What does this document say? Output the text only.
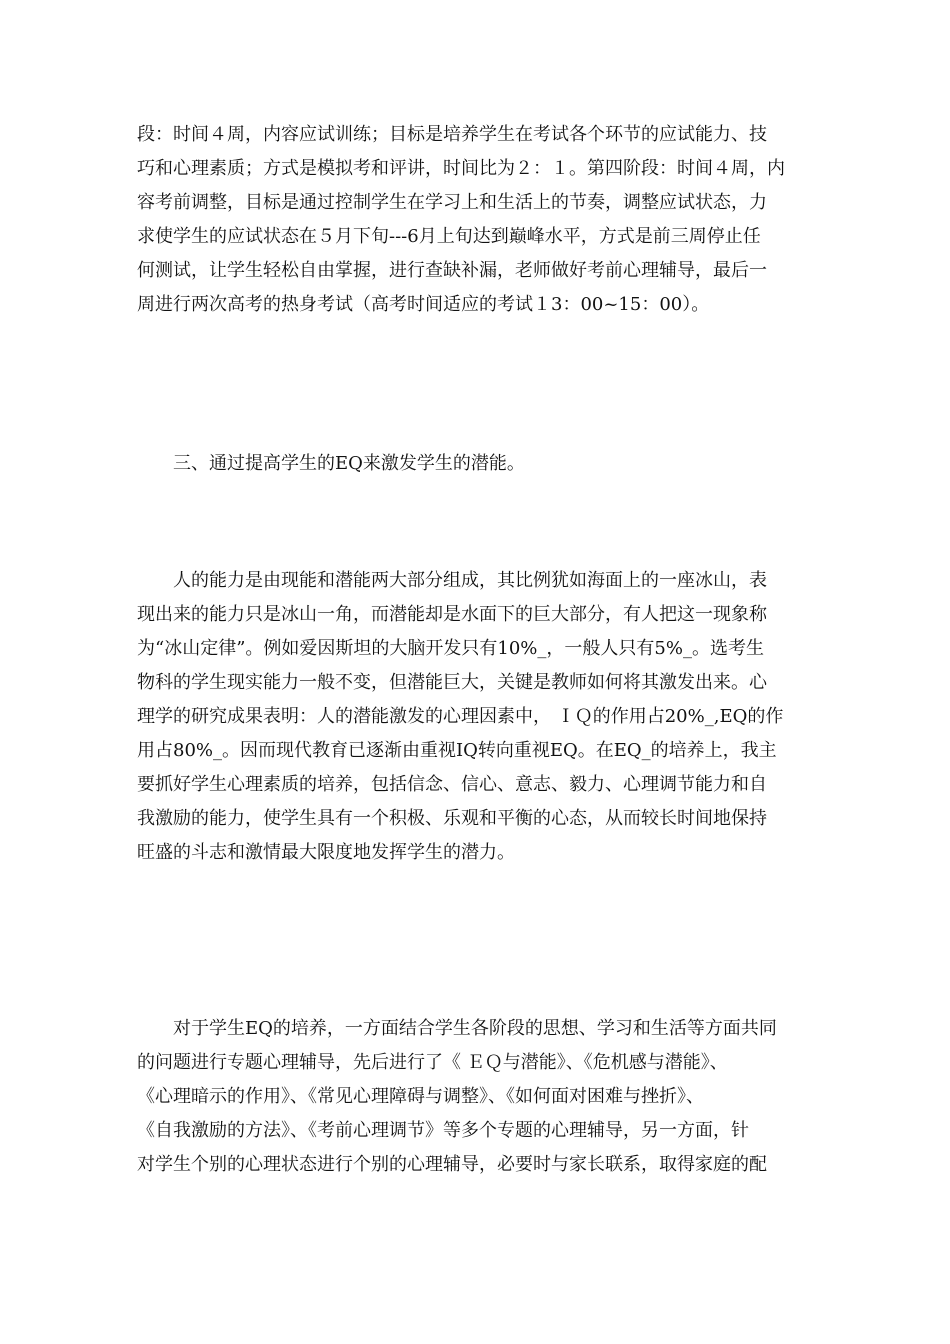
段：时间４周，内容应试训练；目标是培养学生在考试各个环节的应试能力、技
巧和心理素质；方式是模拟考和评讲，时间比为２：１。第四阶段：时间４周，内
容考前调整，目标是通过控制学生在学习上和生活上的节奏，调整应试状态，力
求使学生的应试状态在５月下旬---6月上旬达到巅峰水平，方式是前三周停止任
何测试，让学生轻松自由掌握，进行查缺补漏，老师做好考前心理辅导，最后一
周进行两次高考的热身考试（高考时间适应的考试１3：00~15：00）。
三、通过提高学生的EQ来激发学生的潜能。
人的能力是由现能和潜能两大部分组成，其比例犹如海面上的一座冰山，表
现出来的能力只是冰山一角，而潜能却是水面下的巨大部分，有人把这一现象称
为“冰山定律”。例如爱因斯坦的大脑开发只有10%_，一般人只有5%_。选考生
物科的学生现实能力一般不变，但潜能巨大，关键是教师如何将其激发出来。心
理学的研究成果表明：人的潜能激发的心理因素中， ＩＱ的作用占20%_,EQ的作
用占80%_。因而现代教育已逐渐由重视IQ转向重视EQ。在EQ_的培养上，我主
要抓好学生心理素质的培养，包括信念、信心、意志、毅力、心理调节能力和自
我激励的能力，使学生具有一个积极、乐观和平衡的心态，从而较长时间地保持
旺盛的斗志和激情最大限度地发挥学生的潜力。
对于学生EQ的培养，一方面结合学生各阶段的思想、学习和生活等方面共同
的问题进行专题心理辅导，先后进行了《 ＥＱ与潜能》、《危机感与潜能》、
《心理暗示的作用》、《常见心理障碍与调整》、《如何面对困难与挫折》、
《自我激励的方法》、《考前心理调节》等多个专题的心理辅导，另一方面，针
对学生个别的心理状态进行个别的心理辅导，必要时与家长联系，取得家庭的配
